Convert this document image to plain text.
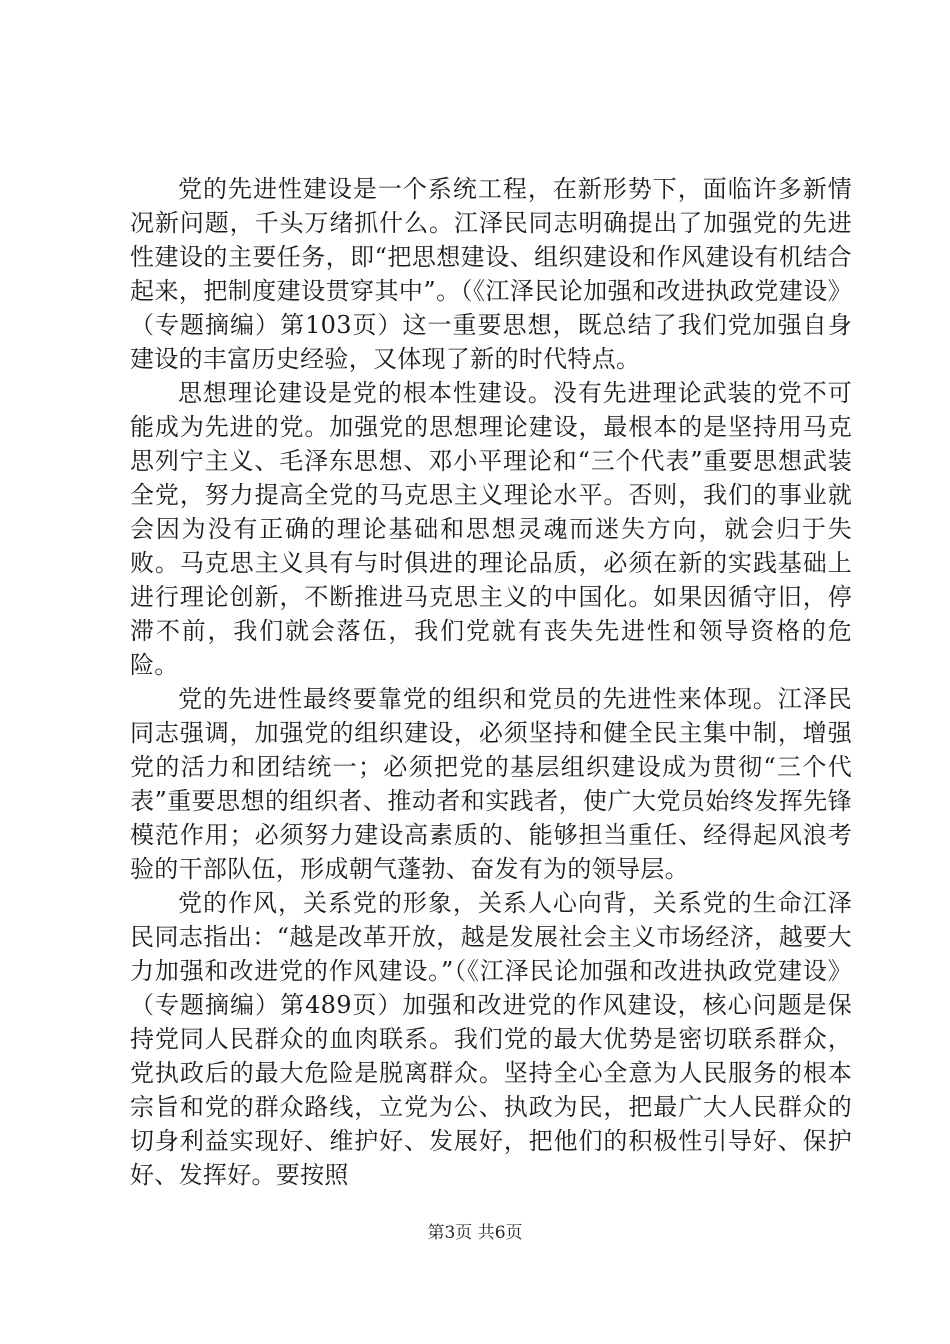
党的先进性建设是一个系统工程，在新形势下，面临许多新情况新问题，千头万绪抓什么。江泽民同志明确提出了加强党的先进性建设的主要任务，即“把思想建设、组织建设和作风建设有机结合起来，把制度建设贯穿其中”。（《江泽民论加强和改进执政党建设》（专题摘编）第103页）这一重要思想，既总结了我们党加强自身建设的丰富历史经验，又体现了新的时代特点。

思想理论建设是党的根本性建设。没有先进理论武装的党不可能成为先进的党。加强党的思想理论建设，最根本的是坚持用马克思列宁主义、毛泽东思想、邓小平理论和“三个代表”重要思想武装全党，努力提高全党的马克思主义理论水平。否则，我们的事业就会因为没有正确的理论基础和思想灵魂而迷失方向，就会归于失败。马克思主义具有与时俱进的理论品质，必须在新的实践基础上进行理论创新，不断推进马克思主义的中国化。如果因循守旧，停滞不前，我们就会落伍，我们党就有丧失先进性和领导资格的危险。

党的先进性最终要靠党的组织和党员的先进性来体现。江泽民同志强调，加强党的组织建设，必须坚持和健全民主集中制，增强党的活力和团结统一；必须把党的基层组织建设成为贯彻“三个代表”重要思想的组织者、推动者和实践者，使广大党员始终发挥先锋模范作用；必须努力建设高素质的、能够担当重任、经得起风浪考验的干部队伍，形成朝气蓬勃、奋发有为的领导层。

党的作风，关系党的形象，关系人心向背，关系党的生命江泽民同志指出：“越是改革开放，越是发展社会主义市场经济，越要大力加强和改进党的作风建设。”（《江泽民论加强和改进执政党建设》（专题摘编）第489页）加强和改进党的作风建设，核心问题是保持党同人民群众的血肉联系。我们党的最大优势是密切联系群众，党执政后的最大危险是脱离群众。坚持全心全意为人民服务的根本宗旨和党的群众路线，立党为公、执政为民，把最广大人民群众的切身利益实现好、维护好、发展好，把他们的积极性引导好、保护好、发挥好。要按照

第3页 共6页
